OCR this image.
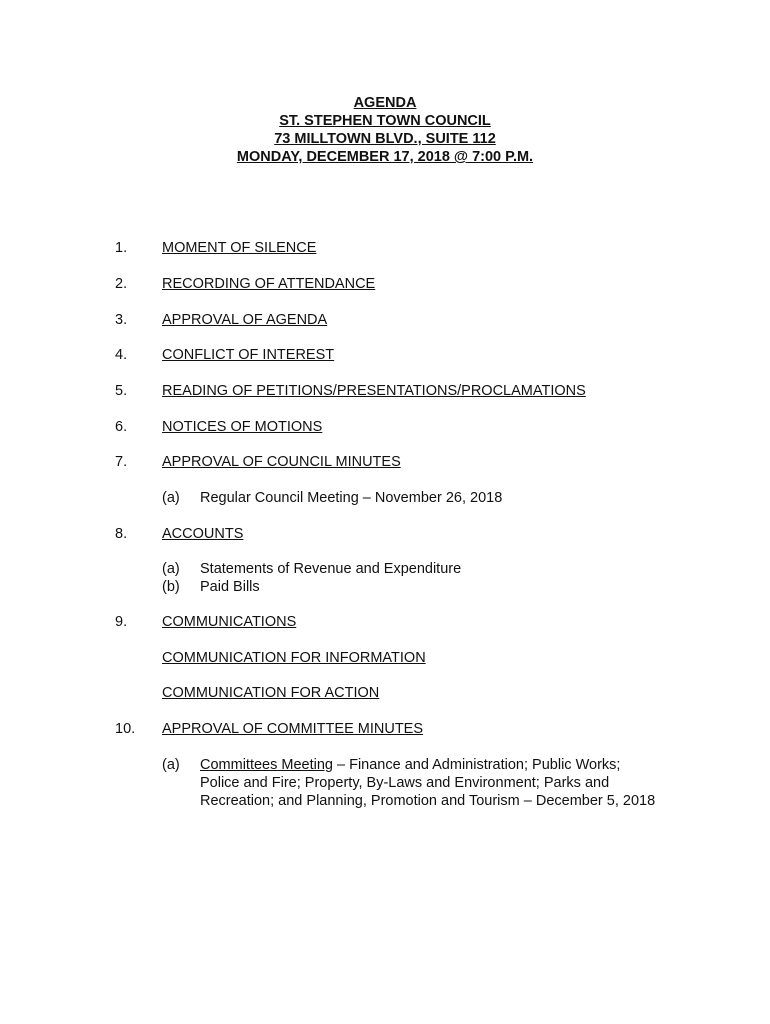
AGENDA
ST. STEPHEN TOWN COUNCIL
73 MILLTOWN BLVD., SUITE 112
MONDAY, DECEMBER 17, 2018 @ 7:00 P.M.
1. MOMENT OF SILENCE
2. RECORDING OF ATTENDANCE
3. APPROVAL OF AGENDA
4. CONFLICT OF INTEREST
5. READING OF PETITIONS/PRESENTATIONS/PROCLAMATIONS
6. NOTICES OF MOTIONS
7. APPROVAL OF COUNCIL MINUTES
(a) Regular Council Meeting – November 26, 2018
8. ACCOUNTS
(a) Statements of Revenue and Expenditure
(b) Paid Bills
9. COMMUNICATIONS
COMMUNICATION FOR INFORMATION
COMMUNICATION FOR ACTION
10. APPROVAL OF COMMITTEE MINUTES
(a) Committees Meeting – Finance and Administration; Public Works;
Police and Fire; Property, By-Laws and Environment; Parks and
Recreation; and Planning, Promotion and Tourism – December 5, 2018
